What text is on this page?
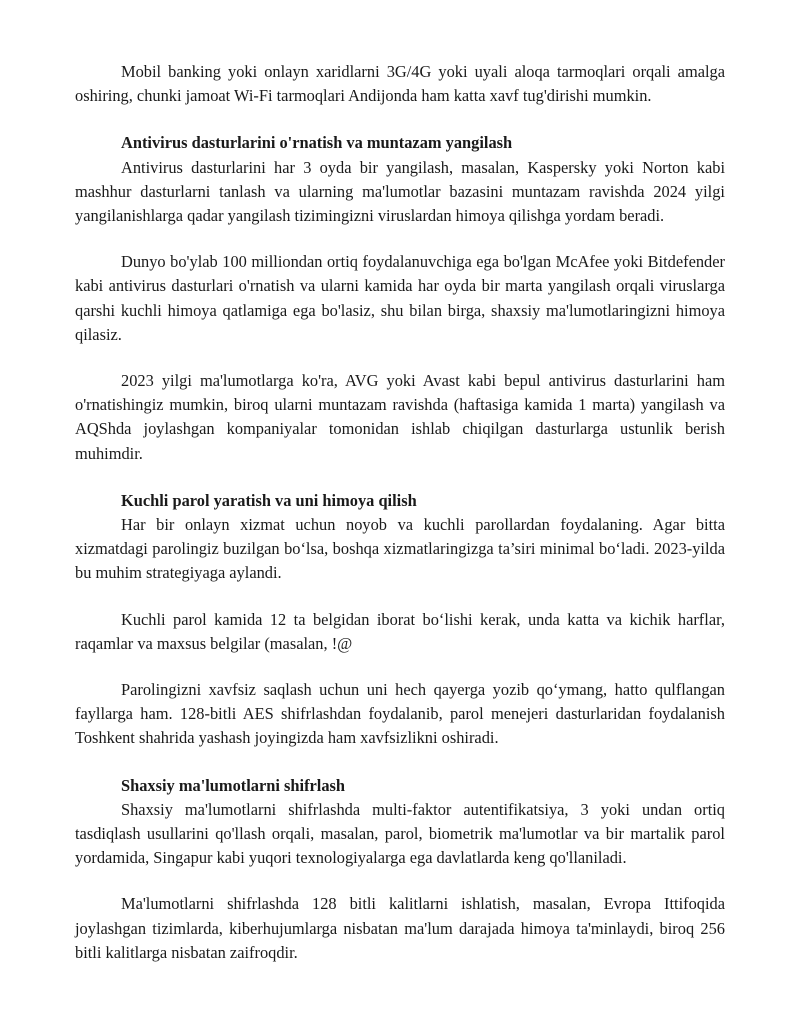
Mobil banking yoki onlayn xaridlarni 3G/4G yoki uyali aloqa tarmoqlari orqali amalga oshiring, chunki jamoat Wi-Fi tarmoqlari Andijonda ham katta xavf tug'dirishi mumkin.

Antivirus dasturlarini o'rnatish va muntazam yangilash

Antivirus dasturlarini har 3 oyda bir yangilash, masalan, Kaspersky yoki Norton kabi mashhur dasturlarni tanlash va ularning ma'lumotlar bazasini muntazam ravishda 2024 yilgi yangilanishlarga qadar yangilash tizimingizni viruslardan himoya qilishga yordam beradi.

Dunyo bo'ylab 100 milliondan ortiq foydalanuvchiga ega bo'lgan McAfee yoki Bitdefender kabi antivirus dasturlari o'rnatish va ularni kamida har oyda bir marta yangilash orqali viruslarga qarshi kuchli himoya qatlamiga ega bo'lasiz, shu bilan birga, shaxsiy ma'lumotlaringizni himoya qilasiz.

2023 yilgi ma'lumotlarga ko'ra, AVG yoki Avast kabi bepul antivirus dasturlarini ham o'rnatishingiz mumkin, biroq ularni muntazam ravishda (haftasiga kamida 1 marta) yangilash va AQShda joylashgan kompaniyalar tomonidan ishlab chiqilgan dasturlarga ustunlik berish muhimdir.

Kuchli parol yaratish va uni himoya qilish

Har bir onlayn xizmat uchun noyob va kuchli parollardan foydalaning. Agar bitta xizmatdagi parolingiz buzilgan bo‘lsa, boshqa xizmatlaringizga ta’siri minimal bo‘ladi. 2023-yilda bu muhim strategiyaga aylandi.

Kuchli parol kamida 12 ta belgidan iborat bo‘lishi kerak, unda katta va kichik harflar, raqamlar va maxsus belgilar (masalan, !@

Parolingizni xavfsiz saqlash uchun uni hech qayerga yozib qo‘ymang, hatto qulflangan fayllarga ham. 128-bitli AES shifrlashdan foydalanib, parol menejeri dasturlaridan foydalanish Toshkent shahrida yashash joyingizda ham xavfsizlikni oshiradi.

Shaxsiy ma'lumotlarni shifrlash

Shaxsiy ma'lumotlarni shifrlashda multi-faktor autentifikatsiya, 3 yoki undan ortiq tasdiqlash usullarini qo'llash orqali, masalan, parol, biometrik ma'lumotlar va bir martalik parol yordamida, Singapur kabi yuqori texnologiyalarga ega davlatlarda keng qo'llaniladi.

Ma'lumotlarni shifrlashda 128 bitli kalitlarni ishlatish, masalan, Evropa Ittifoqida joylashgan tizimlarda, kiberhujumlarga nisbatan ma'lum darajada himoya ta'minlaydi, biroq 256 bitli kalitlarga nisbatan zaifroqdir.
